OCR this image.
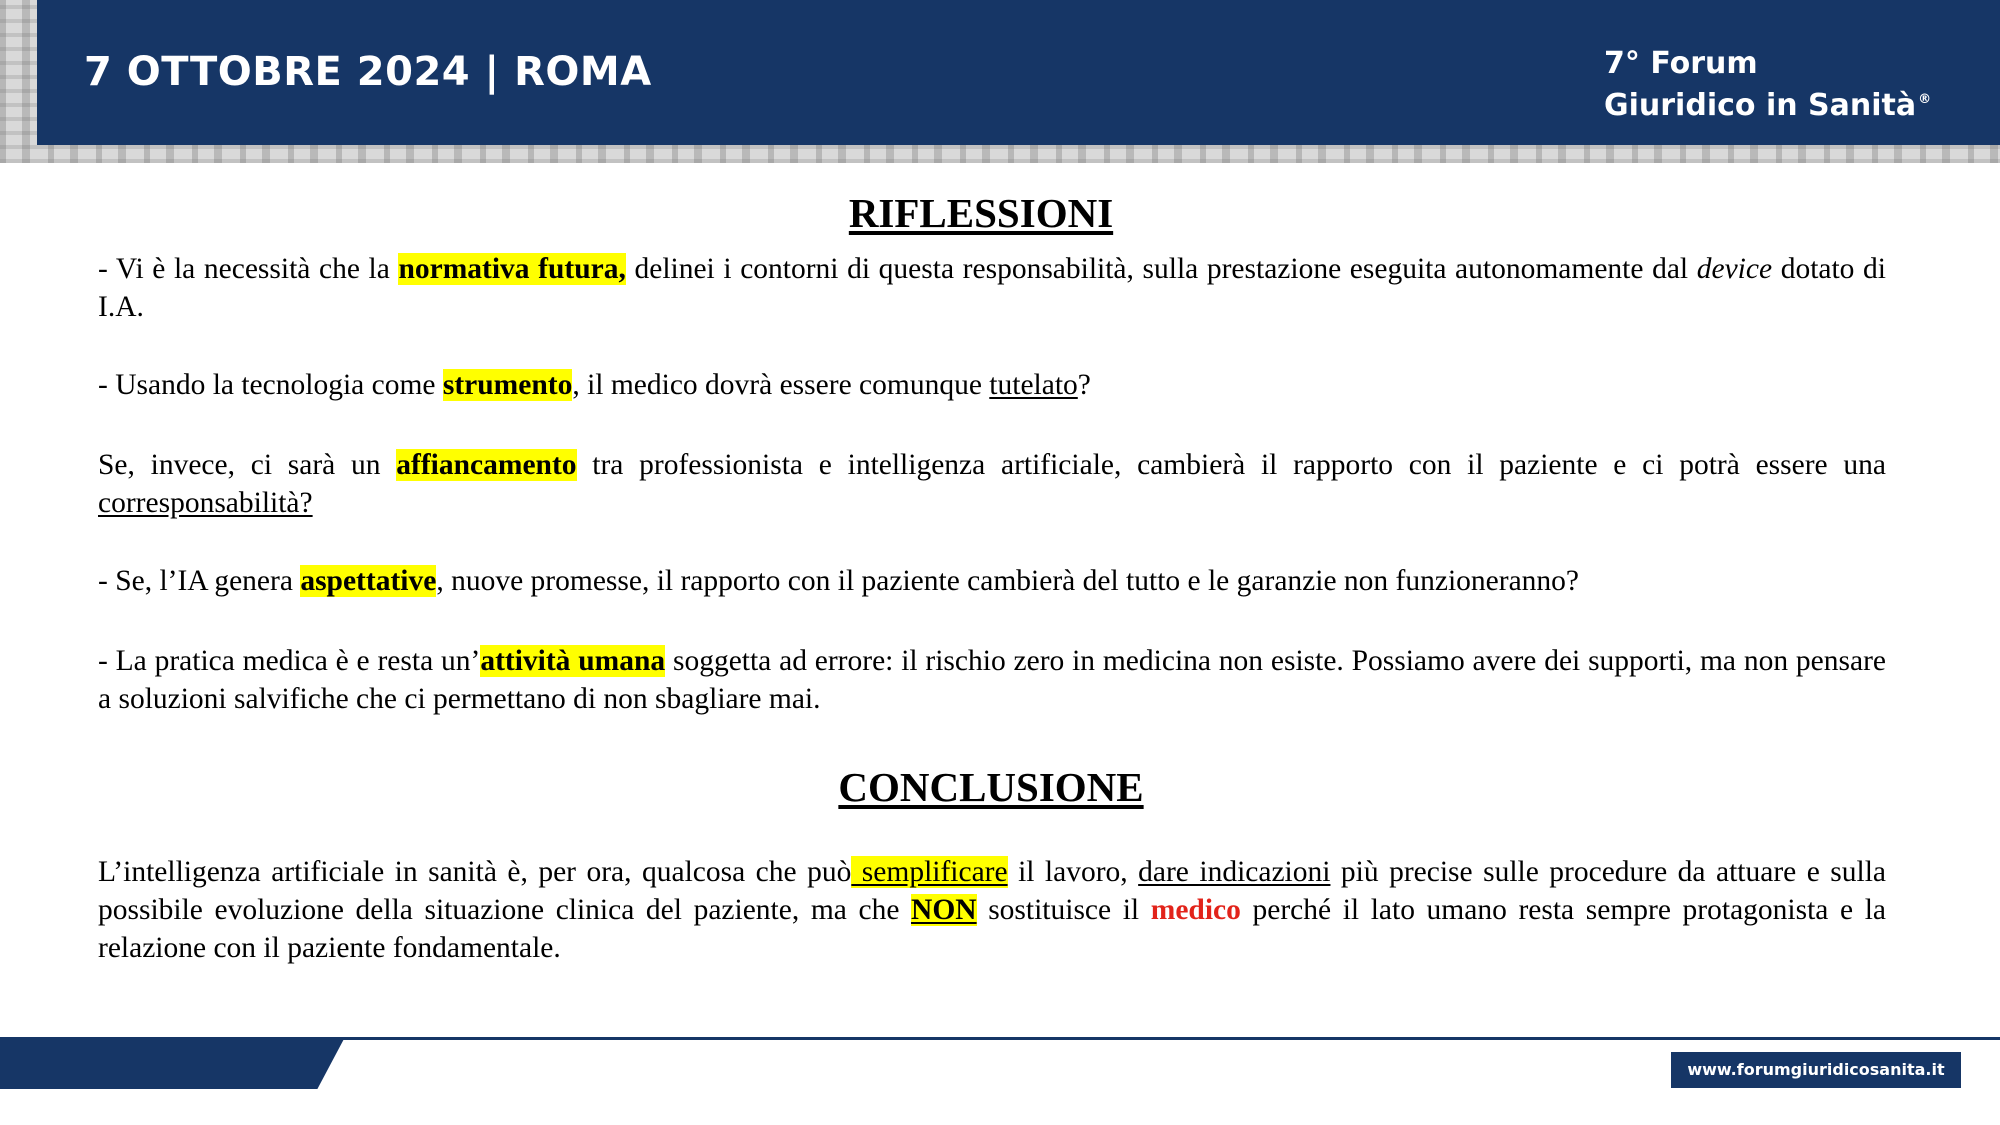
7 OTTOBRE 2024 | ROMA	7° Forum
Giuridico in Sanità ®
RIFLESSIONI

- Vi è la necessità che la normativa futura, delinei i contorni di questa responsabilità, sulla prestazione eseguita autonomamente dal device dotato di I.A.

- Usando la tecnologia come strumento, il medico dovrà essere comunque tutelato?

Se, invece, ci sarà un affiancamento tra professionista e intelligenza artificiale, cambierà il rapporto con il paziente e ci potrà essere una corresponsabilità?

- Se, l’IA genera aspettative, nuove promesse, il rapporto con il paziente cambierà del tutto e le garanzie non funzioneranno?

- La pratica medica è e resta un’attività umana soggetta ad errore: il rischio zero in medicina non esiste. Possiamo avere dei supporti, ma non pensare a soluzioni salvifiche che ci permettano di non sbagliare mai.

CONCLUSIONE

L’intelligenza artificiale in sanità è, per ora, qualcosa che può semplificare il lavoro, dare indicazioni più precise sulle procedure da attuare e sulla possibile evoluzione della situazione clinica del paziente, ma che NON sostituisce il medico perché il lato umano resta sempre protagonista e la relazione con il paziente fondamentale.

www.forumgiuridicosanita.it
